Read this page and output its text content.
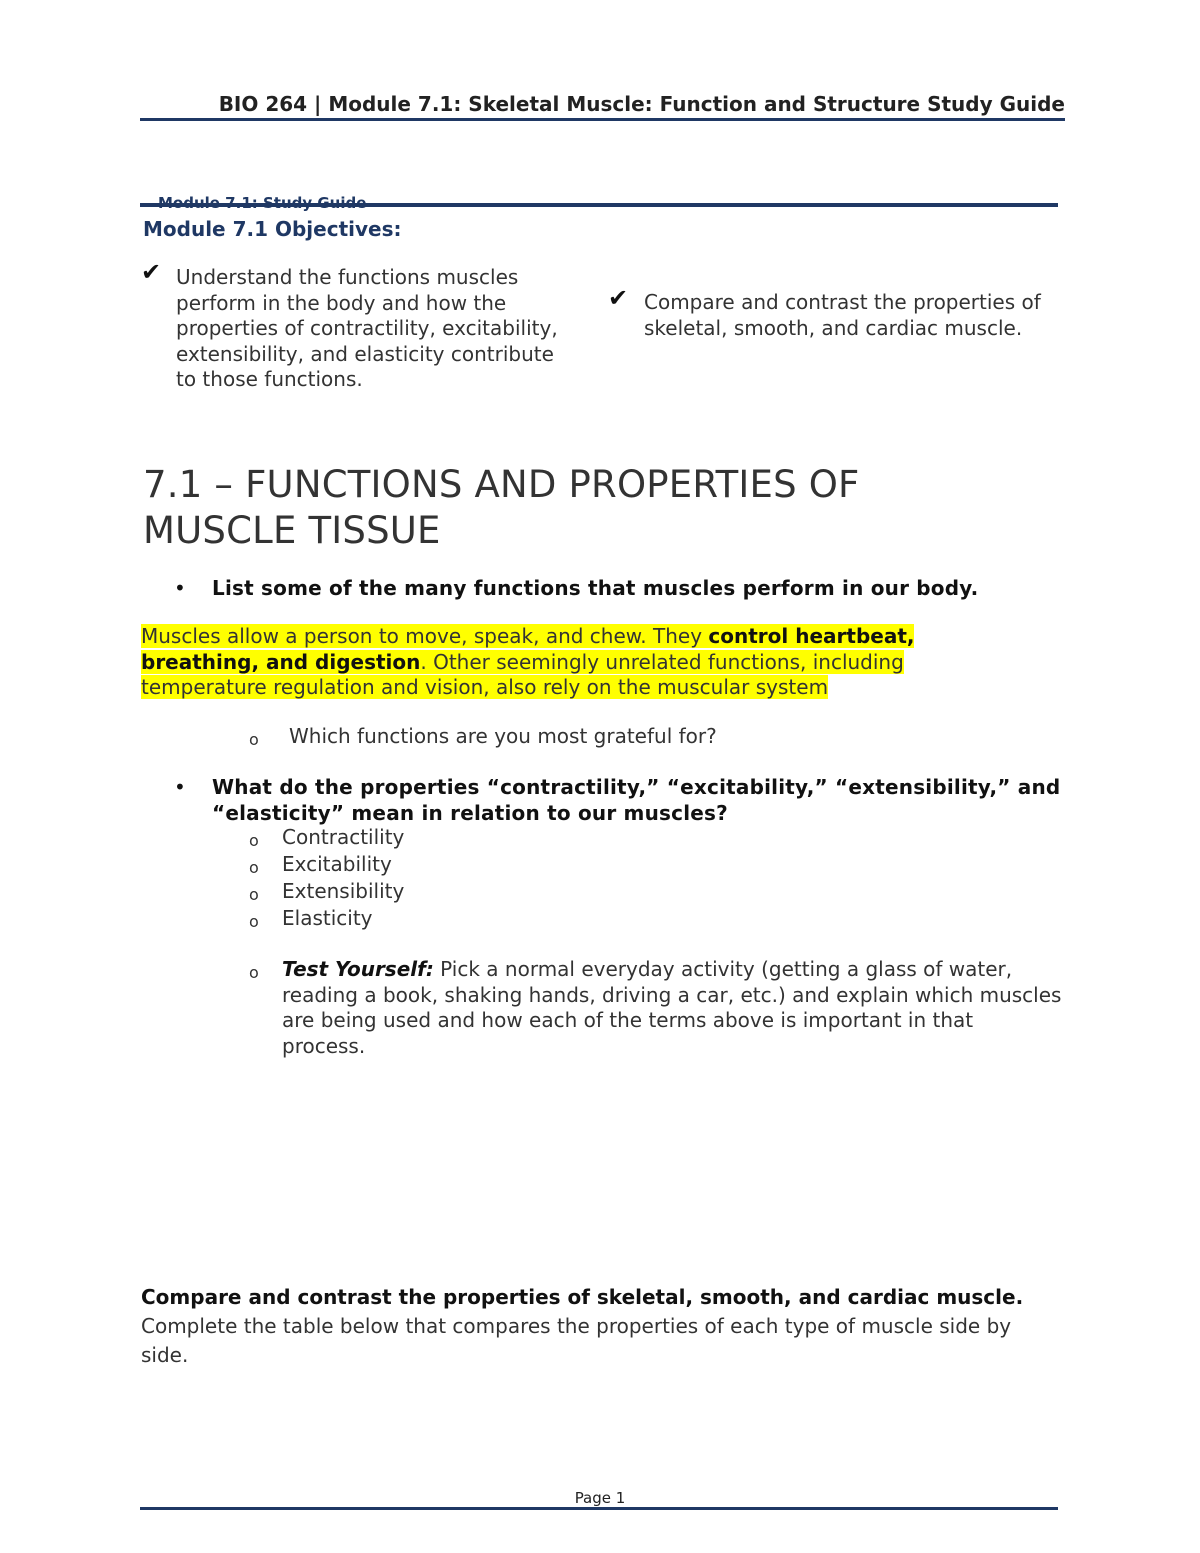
BIO 264 | Module 7.1: Skeletal Muscle: Function and Structure Study Guide
Module 7.1 Objectives:
✔ Understand the functions muscles perform in the body and how the properties of contractility, excitability, extensibility, and elasticity contribute to those functions.
✔ Compare and contrast the properties of skeletal, smooth, and cardiac muscle.
7.1 – FUNCTIONS AND PROPERTIES OF MUSCLE TISSUE
• List some of the many functions that muscles perform in our body.
Muscles allow a person to move, speak, and chew. They control heartbeat, breathing, and digestion. Other seemingly unrelated functions, including temperature regulation and vision, also rely on the muscular system
o Which functions are you most grateful for?
• What do the properties “contractility,” “excitability,” “extensibility,” and “elasticity” mean in relation to our muscles?
o Contractility
o Excitability
o Extensibility
o Elasticity
o Test Yourself: Pick a normal everyday activity (getting a glass of water, reading a book, shaking hands, driving a car, etc.) and explain which muscles are being used and how each of the terms above is important in that process.
Compare and contrast the properties of skeletal, smooth, and cardiac muscle. Complete the table below that compares the properties of each type of muscle side by side.
Page 1
